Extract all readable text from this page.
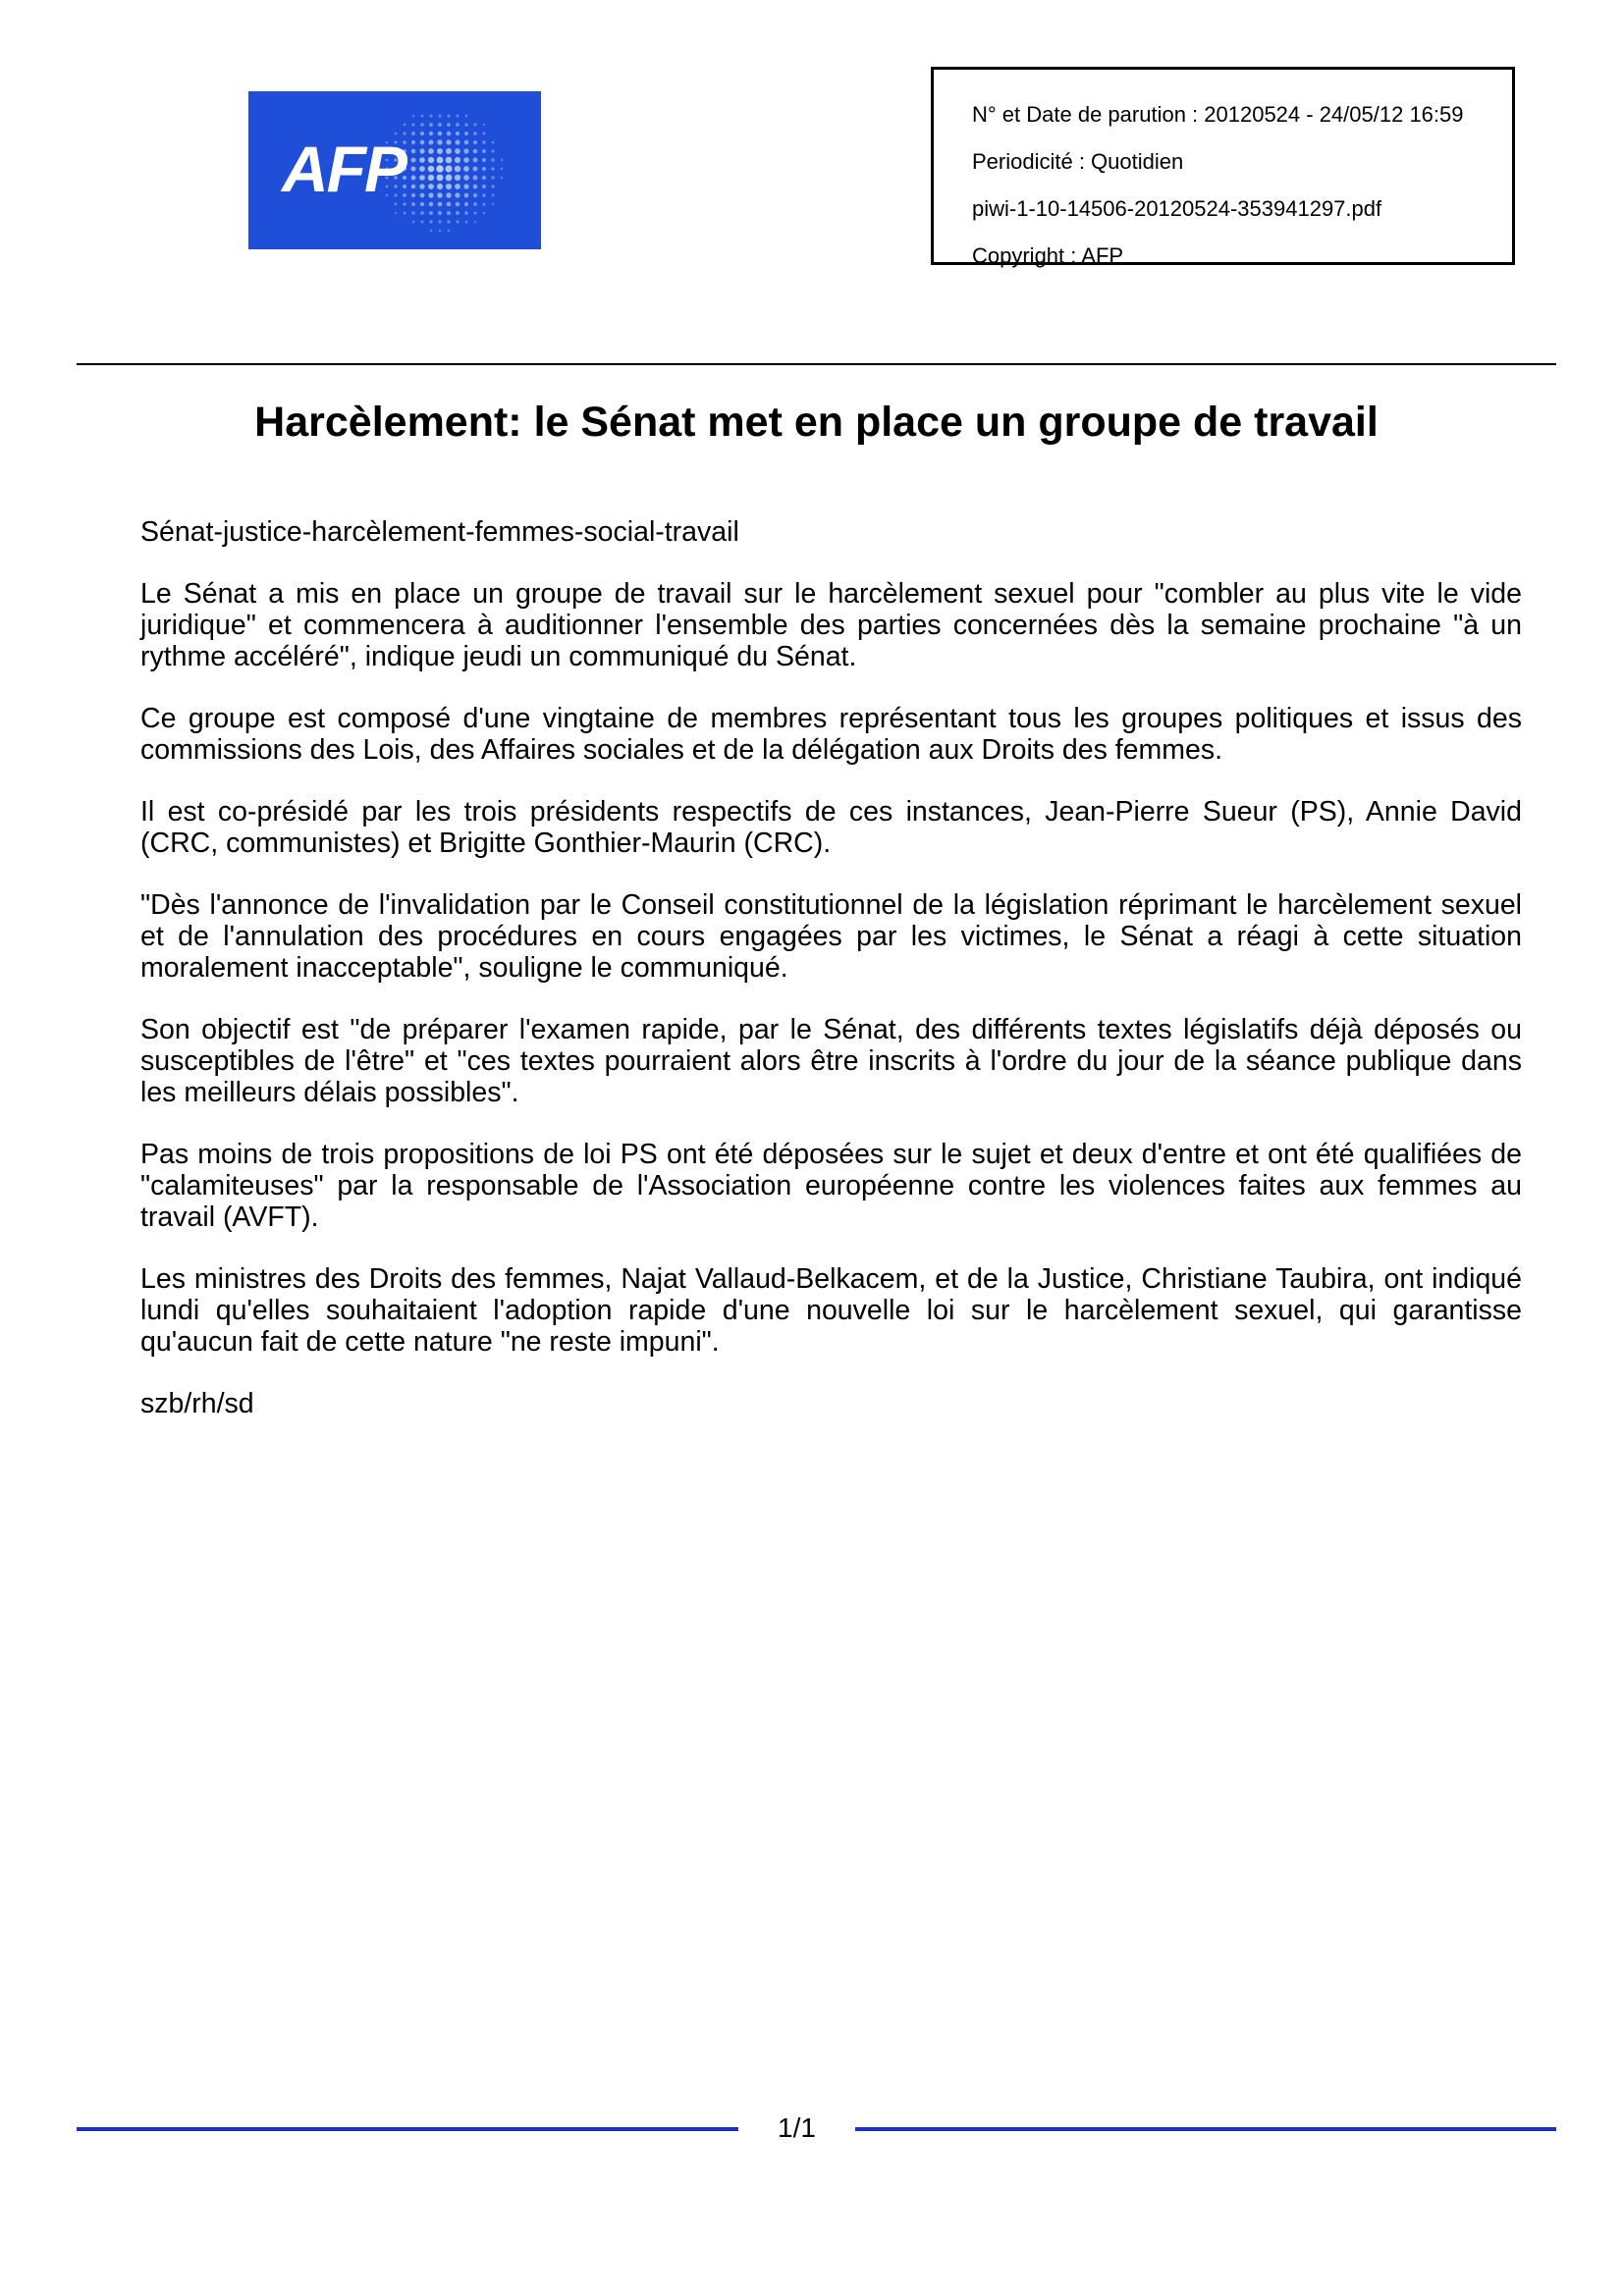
AFP
N° et Date de parution : 20120524 - 24/05/12 16:59
Periodicité : Quotidien
piwi-1-10-14506-20120524-353941297.pdf
Copyright : AFP
Harcèlement: le Sénat met en place un groupe de travail

Sénat-justice-harcèlement-femmes-social-travail

Le Sénat a mis en place un groupe de travail sur le harcèlement sexuel pour "combler au plus vite le vide juridique" et commencera à auditionner l'ensemble des parties concernées dès la semaine prochaine "à un rythme accéléré", indique jeudi un communiqué du Sénat.

Ce groupe est composé d'une vingtaine de membres représentant tous les groupes politiques et issus des commissions des Lois, des Affaires sociales et de la délégation aux Droits des femmes.

Il est co-présidé par les trois présidents respectifs de ces instances, Jean-Pierre Sueur (PS), Annie David (CRC, communistes) et Brigitte Gonthier-Maurin (CRC).

"Dès l'annonce de l'invalidation par le Conseil constitutionnel de la législation réprimant le harcèlement sexuel et de l'annulation des procédures en cours engagées par les victimes, le Sénat a réagi à cette situation moralement inacceptable", souligne le communiqué.

Son objectif est "de préparer l'examen rapide, par le Sénat, des différents textes législatifs déjà déposés ou susceptibles de l'être" et "ces textes pourraient alors être inscrits à l'ordre du jour de la séance publique dans les meilleurs délais possibles".

Pas moins de trois propositions de loi PS ont été déposées sur le sujet et deux d'entre et ont été qualifiées de "calamiteuses" par la responsable de l'Association européenne contre les violences faites aux femmes au travail (AVFT).

Les ministres des Droits des femmes, Najat Vallaud-Belkacem, et de la Justice, Christiane Taubira, ont indiqué lundi qu'elles souhaitaient l'adoption rapide d'une nouvelle loi sur le harcèlement sexuel, qui garantisse qu'aucun fait de cette nature "ne reste impuni".

szb/rh/sd

1/1
